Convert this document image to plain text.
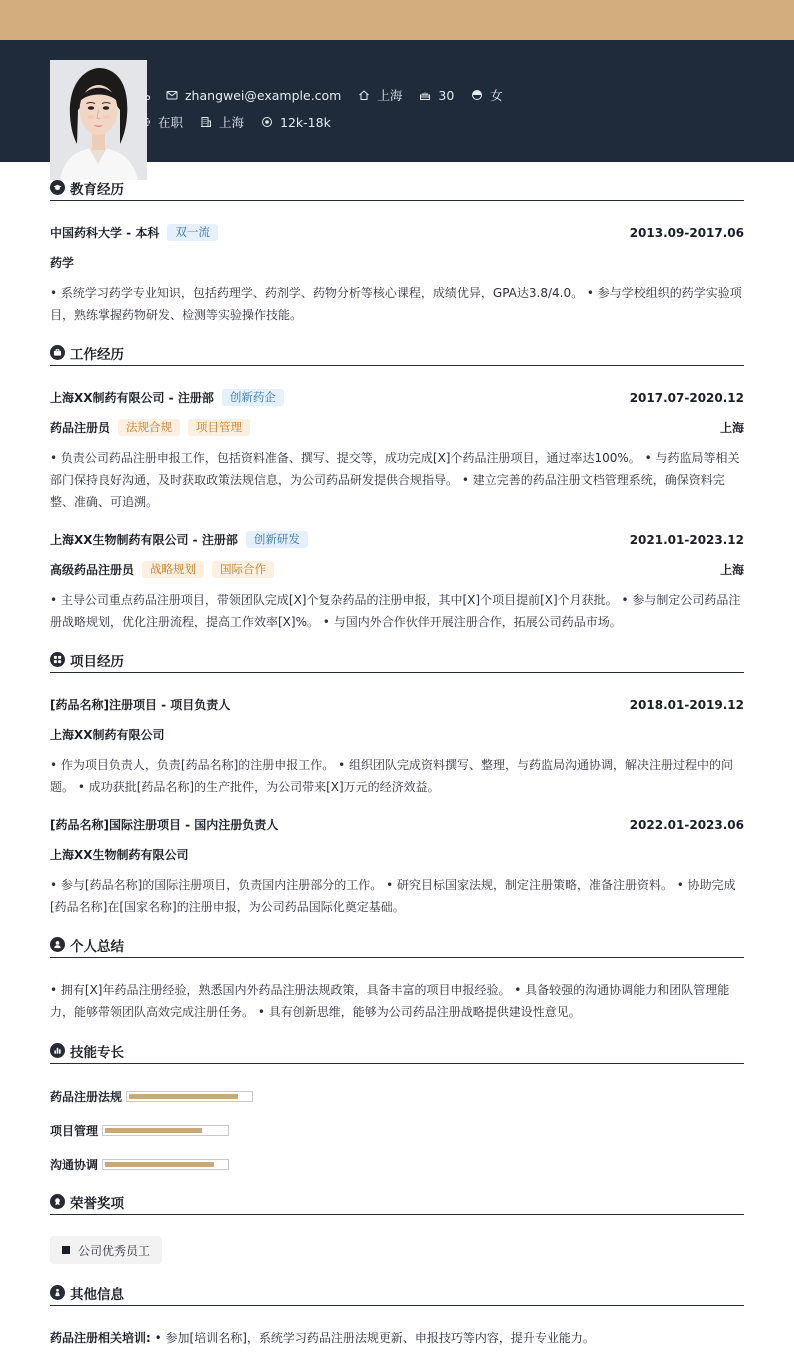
zhangwei@example.com	上海	30	女
在职	上海	12k-18k
教育经历
中国药科大学 - 本科	双一流	2013.09-2017.06
药学
• 系统学习药学专业知识，包括药理学、药剂学、药物分析等核心课程，成绩优异，GPA达3.8/4.0。 • 参与学校组织的药学实验项
目，熟练掌握药物研发、检测等实验操作技能。
工作经历
上海XX制药有限公司 - 注册部	创新药企	2017.07-2020.12
药品注册员	法规合规	项目管理	上海
• 负责公司药品注册申报工作，包括资料准备、撰写、提交等，成功完成[X]个药品注册项目，通过率达100%。 • 与药监局等相关
部门保持良好沟通，及时获取政策法规信息，为公司药品研发提供合规指导。 • 建立完善的药品注册文档管理系统，确保资料完
整、准确、可追溯。
上海XX生物制药有限公司 - 注册部	创新研发	2021.01-2023.12
高级药品注册员	战略规划	国际合作	上海
• 主导公司重点药品注册项目，带领团队完成[X]个复杂药品的注册申报，其中[X]个项目提前[X]个月获批。 • 参与制定公司药品注
册战略规划，优化注册流程，提高工作效率[X]%。 • 与国内外合作伙伴开展注册合作，拓展公司药品市场。
项目经历
[药品名称]注册项目 - 项目负责人	2018.01-2019.12
上海XX制药有限公司
• 作为项目负责人，负责[药品名称]的注册申报工作。 • 组织团队完成资料撰写、整理，与药监局沟通协调，解决注册过程中的问
题。 • 成功获批[药品名称]的生产批件，为公司带来[X]万元的经济效益。
[药品名称]国际注册项目 - 国内注册负责人	2022.01-2023.06
上海XX生物制药有限公司
• 参与[药品名称]的国际注册项目，负责国内注册部分的工作。 • 研究目标国家法规，制定注册策略，准备注册资料。 • 协助完成
[药品名称]在[国家名称]的注册申报，为公司药品国际化奠定基础。
个人总结
• 拥有[X]年药品注册经验，熟悉国内外药品注册法规政策，具备丰富的项目申报经验。 • 具备较强的沟通协调能力和团队管理能
力，能够带领团队高效完成注册任务。 • 具有创新思维，能够为公司药品注册战略提供建设性意见。
技能专长
药品注册法规
项目管理
沟通协调
荣誉奖项
公司优秀员工
其他信息
药品注册相关培训: • 参加[培训名称]，系统学习药品注册法规更新、申报技巧等内容，提升专业能力。
